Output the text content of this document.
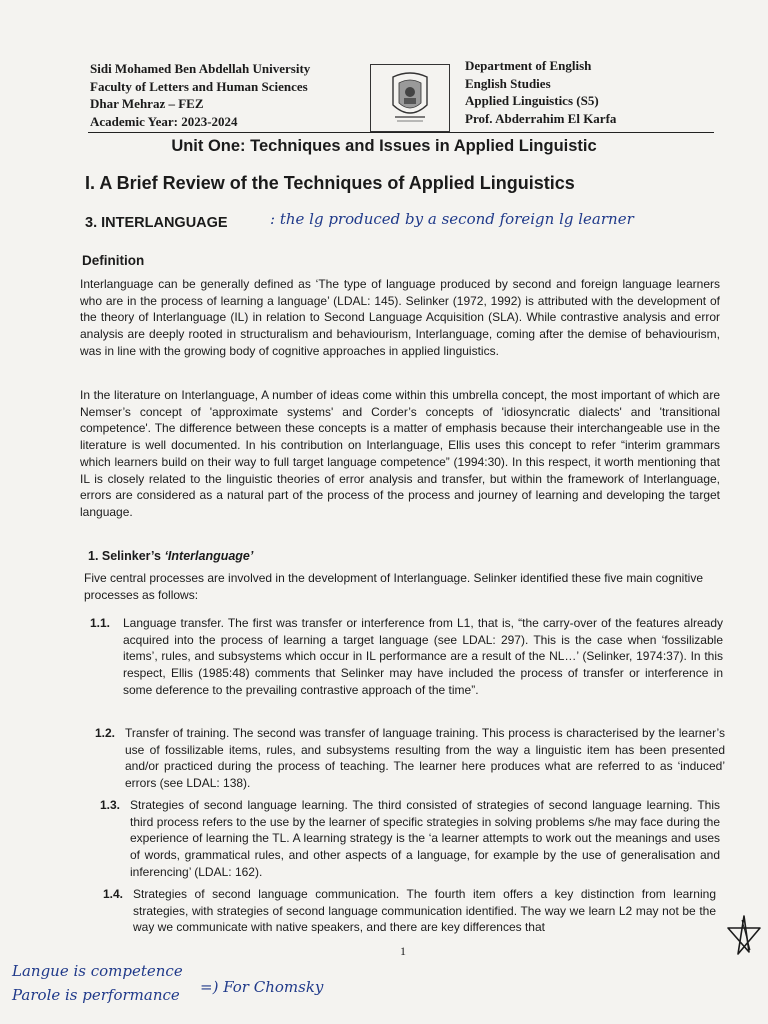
Sidi Mohamed Ben Abdellah University
Faculty of Letters and Human Sciences
Dhar Mehraz – FEZ
Academic Year: 2023-2024
Department of English
English Studies
Applied Linguistics (S5)
Prof. Abderrahim El Karfa
Unit One: Techniques and Issues in Applied Linguistic
I. A Brief Review of the Techniques of Applied Linguistics
3. INTERLANGUAGE	: the lg produced by a second foreign lg learner
Definition
Interlanguage can be generally defined as ‘The type of language produced by second and foreign language learners who are in the process of learning a language’ (LDAL: 145). Selinker (1972, 1992) is attributed with the development of the theory of Interlanguage (IL) in relation to Second Language Acquisition (SLA). While contrastive analysis and error analysis are deeply rooted in structuralism and behaviourism, Interlanguage, coming after the demise of behaviourism, was in line with the growing body of cognitive approaches in applied linguistics.
In the literature on Interlanguage, A number of ideas come within this umbrella concept, the most important of which are Nemser’s concept of 'approximate systems' and Corder’s concepts of 'idiosyncratic dialects' and 'transitional competence'. The difference between these concepts is a matter of emphasis because their interchangeable use in the literature is well documented. In his contribution on Interlanguage, Ellis uses this concept to refer “interim grammars which learners build on their way to full target language competence” (1994:30). In this respect, it worth mentioning that IL is closely related to the linguistic theories of error analysis and transfer, but within the framework of Interlanguage, errors are considered as a natural part of the process of the process and journey of learning and developing the target language.
1. Selinker’s ‘Interlanguage’
Five central processes are involved in the development of Interlanguage. Selinker identified these five main cognitive processes as follows:
1.1. Language transfer. The first was transfer or interference from L1, that is, “the carry-over of the features already acquired into the process of learning a target language (see LDAL: 297). This is the case when ‘fossilizable items’, rules, and subsystems which occur in IL performance are a result of the NL…’ (Selinker, 1974:37). In this respect, Ellis (1985:48) comments that Selinker may have included the process of transfer or interference in some deference to the prevailing contrastive approach of the time”.
1.2. Transfer of training. The second was transfer of language training. This process is characterised by the learner’s use of fossilizable items, rules, and subsystems resulting from the way a linguistic item has been presented and/or practiced during the process of teaching. The learner here produces what are referred to as ‘induced’ errors (see LDAL: 138).
1.3. Strategies of second language learning. The third consisted of strategies of second language learning. This third process refers to the use by the learner of specific strategies in solving problems s/he may face during the experience of learning the TL. A learning strategy is the ‘a learner attempts to work out the meanings and uses of words, grammatical rules, and other aspects of a language, for example by the use of generalisation and inferencing’ (LDAL: 162).
1.4. Strategies of second language communication. The fourth item offers a key distinction from learning strategies, with strategies of second language communication identified. The way we learn L2 may not be the way we communicate with native speakers, and there are key differences that
1
Langue is competence
Parole is performance =) For Chomsky
